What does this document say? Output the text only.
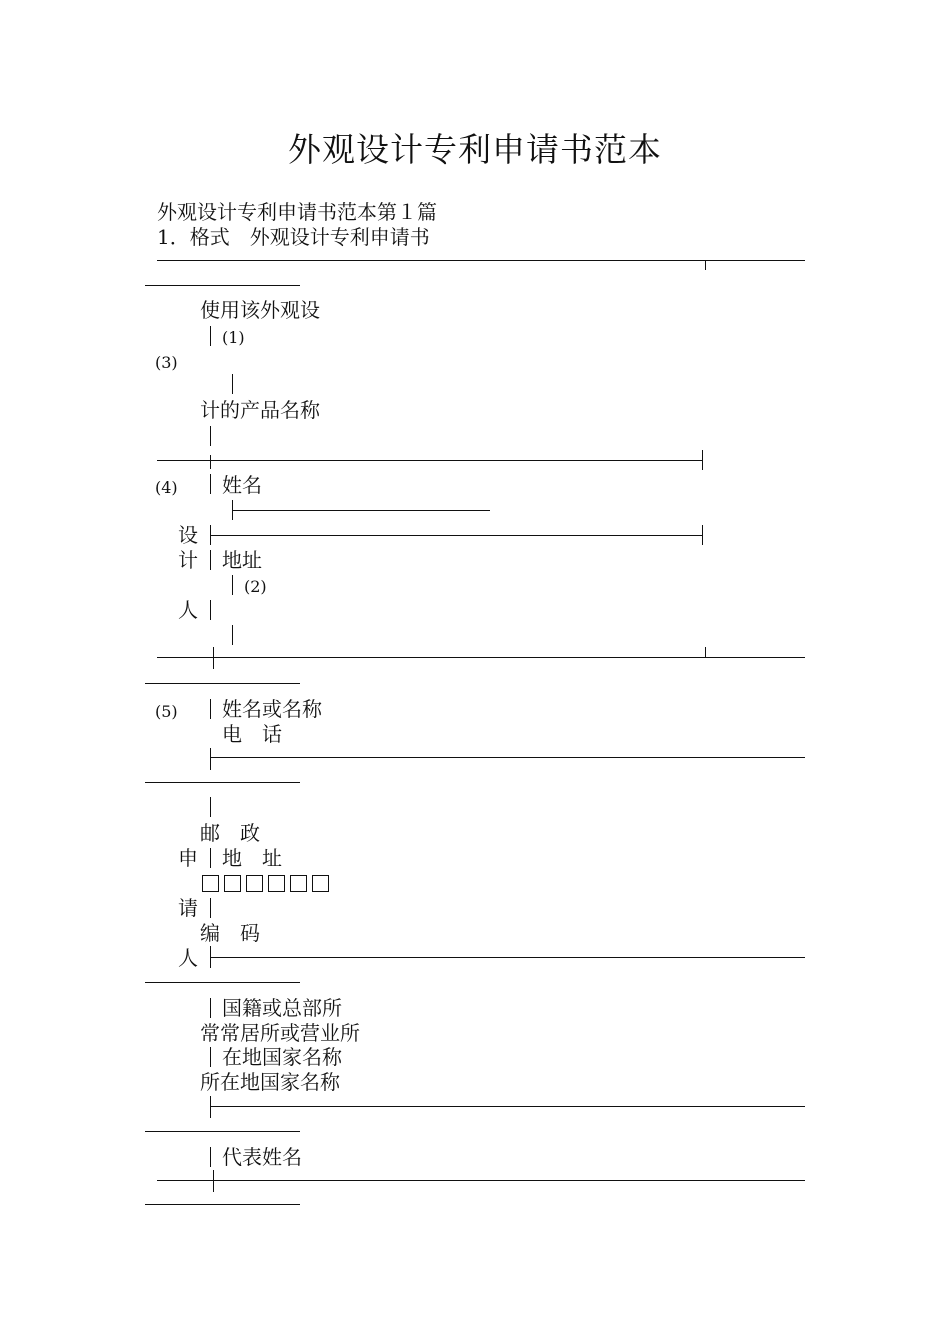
外观设计专利申请书范本
外观设计专利申请书范本第１篇
1．格式　外观设计专利申请书
使用该外观设
(1)
(3)
计的产品名称
(4) 姓名
设
计 地址
(2)
人
(5) 姓名或名称
电　话
邮　政
申 地　址
请
编　码
人
国籍或总部所
常常居所或营业所
在地国家名称
所在地国家名称
代表姓名
